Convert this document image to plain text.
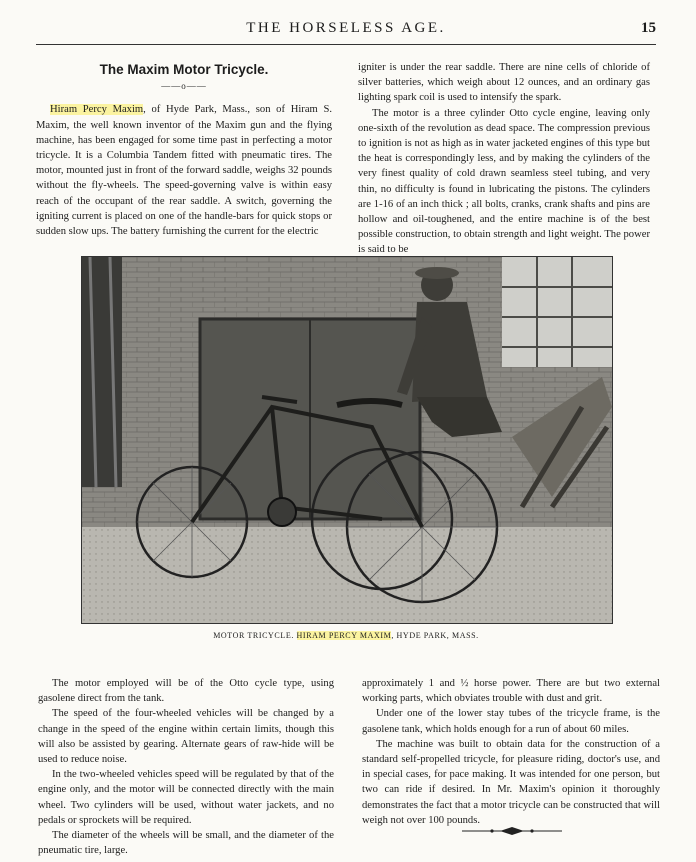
THE HORSELESS AGE.	15
The Maxim Motor Tricycle.
——o——

Hiram Percy Maxim, of Hyde Park, Mass., son of Hiram S. Maxim, the well known inventor of the Maxim gun and the flying machine, has been engaged for some time past in perfecting a motor tricycle. It is a Columbia Tandem fitted with pneumatic tires. The motor, mounted just in front of the forward saddle, weighs 32 pounds without the fly-wheels. The speed-governing valve is within easy reach of the occupant of the rear saddle. A switch, governing the igniting current is placed on one of the handle-bars for quick stops or sudden slow ups. The battery furnishing the current for the electric

igniter is under the rear saddle. There are nine cells of chloride of silver batteries, which weigh about 12 ounces, and an ordinary gas lighting spark coil is used to intensify the spark.

The motor is a three cylinder Otto cycle engine, leaving only one-sixth of the revolution as dead space. The compression previous to ignition is not as high as in water jacketed engines of this type but the heat is correspondingly less, and by making the cylinders of the very finest quality of cold drawn seamless steel tubing, and very thin, no difficulty is found in lubricating the pistons. The cylinders are 1-16 of an inch thick ; all bolts, cranks, crank shafts and pins are hollow and oil-toughened, and the entire machine is of the best possible construction, to obtain strength and light weight. The power is said to be

MOTOR TRICYCLE. HIRAM PERCY MAXIM, HYDE PARK, MASS.

The motor employed will be of the Otto cycle type, using gasolene direct from the tank.

The speed of the four-wheeled vehicles will be changed by a change in the speed of the engine within certain limits, though this will also be assisted by gearing. Alternate gears of raw-hide will be used to reduce noise.

In the two-wheeled vehicles speed will be regulated by that of the engine only, and the motor will be connected directly with the main wheel. Two cylinders will be used, without water jackets, and no pedals or sprockets will be required.

The diameter of the wheels will be small, and the diameter of the pneumatic tire, large.

approximately 1 and ½ horse power. There are but two external working parts, which obviates trouble with dust and grit.

Under one of the lower stay tubes of the tricycle frame, is the gasolene tank, which holds enough for a run of about 60 miles.

The machine was built to obtain data for the construction of a standard self-propelled tricycle, for pleasure riding, doctor's use, and in special cases, for pace making. It was intended for one person, but two can ride if desired. In Mr. Maxim's opinion it thoroughly demonstrates the fact that a motor tricycle can be constructed that will weigh not over 100 pounds.
